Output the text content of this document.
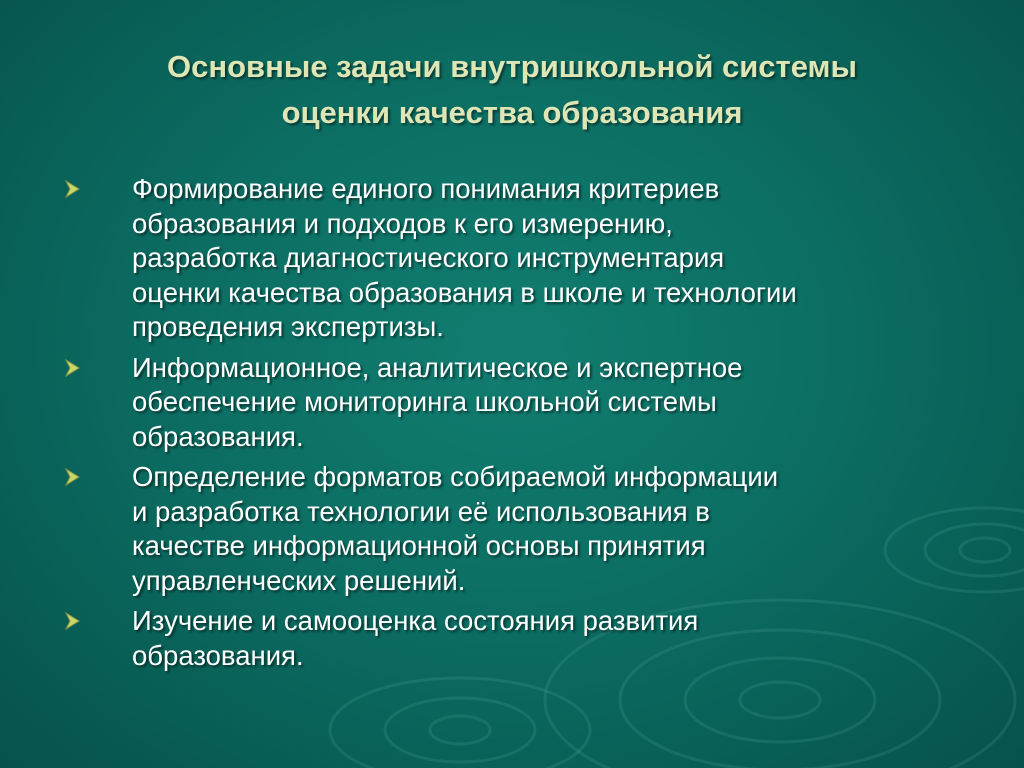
Основные задачи внутришкольной системы
оценки качества образования
Формирование единого понимания критериев
образования и подходов к его измерению,
разработка диагностического инструментария
оценки качества образования в школе и технологии
проведения экспертизы.
Информационное, аналитическое и экспертное
обеспечение мониторинга школьной системы
образования.
Определение форматов собираемой информации
и разработка технологии её использования в
качестве информационной основы принятия
управленческих решений.
Изучение и самооценка состояния развития
образования.
